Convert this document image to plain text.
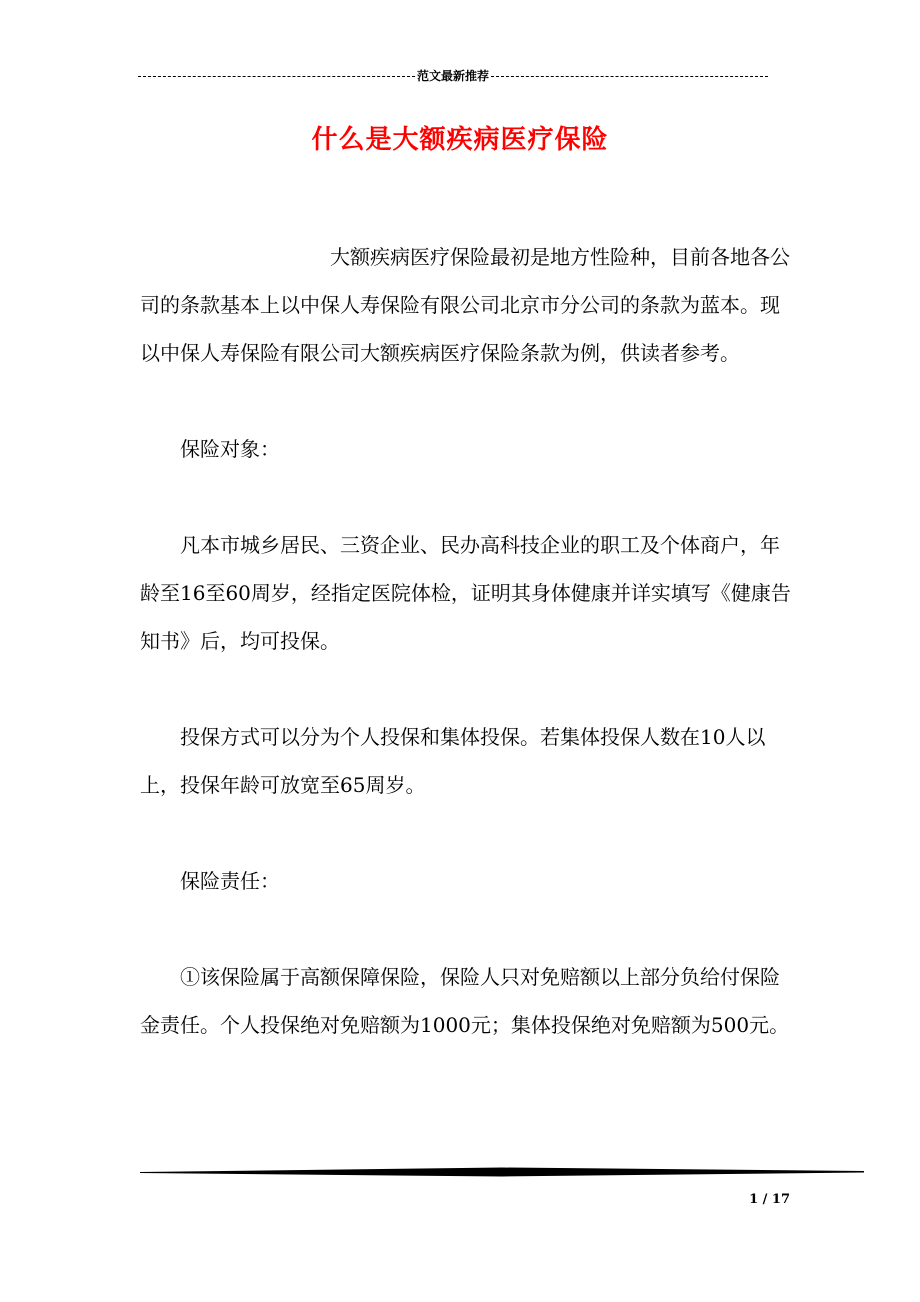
范文最新推荐
什么是大额疾病医疗保险

大额疾病医疗保险最初是地方性险种，目前各地各公司的条款基本上以中保人寿保险有限公司北京市分公司的条款为蓝本。现以中保人寿保险有限公司大额疾病医疗保险条款为例，供读者参考。

保险对象：

凡本市城乡居民、三资企业、民办高科技企业的职工及个体商户，年龄至16至60周岁，经指定医院体检，证明其身体健康并详实填写《健康告知书》后，均可投保。

投保方式可以分为个人投保和集体投保。若集体投保人数在10人以上，投保年龄可放宽至65周岁。

保险责任：

①该保险属于高额保障保险，保险人只对免赔额以上部分负给付保险金责任。个人投保绝对免赔额为1000元；集体投保绝对免赔额为500元。

1 / 17
